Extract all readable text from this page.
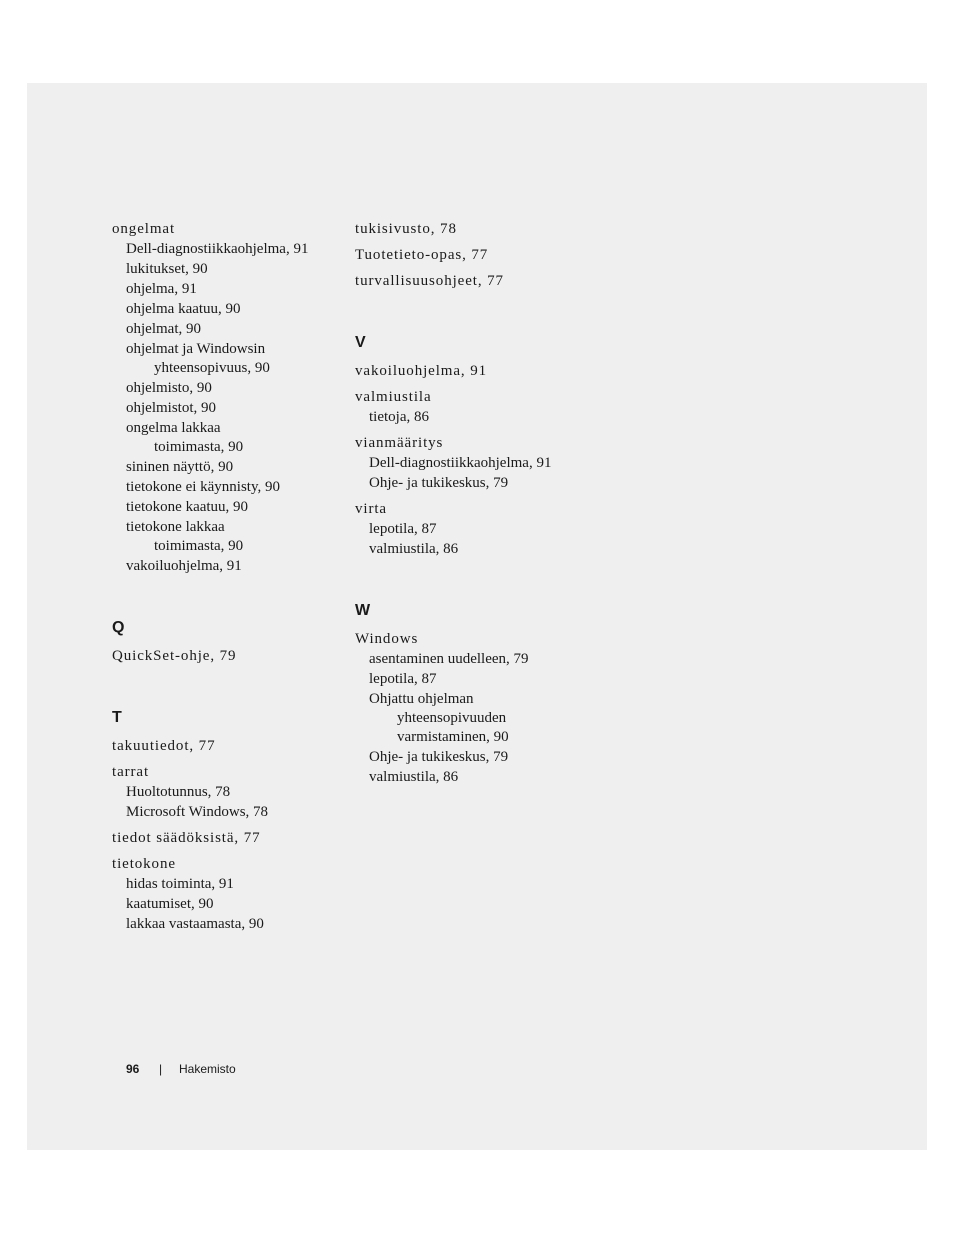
ongelmat
Dell-diagnostiikkaohjelma, 91
lukitukset, 90
ohjelma, 91
ohjelma kaatuu, 90
ohjelmat, 90
ohjelmat ja Windowsin
yhteensopivuus, 90
ohjelmisto, 90
ohjelmistot, 90
ongelma lakkaa
toimimasta, 90
sininen näyttö, 90
tietokone ei käynnisty, 90
tietokone kaatuu, 90
tietokone lakkaa
toimimasta, 90
vakoiluohjelma, 91
Q
QuickSet-ohje, 79
T
takuutiedot, 77
tarrat
Huoltotunnus, 78
Microsoft Windows, 78
tiedot säädöksistä, 77
tietokone
hidas toiminta, 91
kaatumiset, 90
lakkaa vastaamasta, 90
tukisivusto, 78
Tuotetieto-opas, 77
turvallisuusohjeet, 77
V
vakoiluohjelma, 91
valmiustila
tietoja, 86
vianmääritys
Dell-diagnostiikkaohjelma, 91
Ohje- ja tukikeskus, 79
virta
lepotila, 87
valmiustila, 86
W
Windows
asentaminen uudelleen, 79
lepotila, 87
Ohjattu ohjelman
yhteensopivuuden
varmistaminen, 90
Ohje- ja tukikeskus, 79
valmiustila, 86
96	|	Hakemisto
